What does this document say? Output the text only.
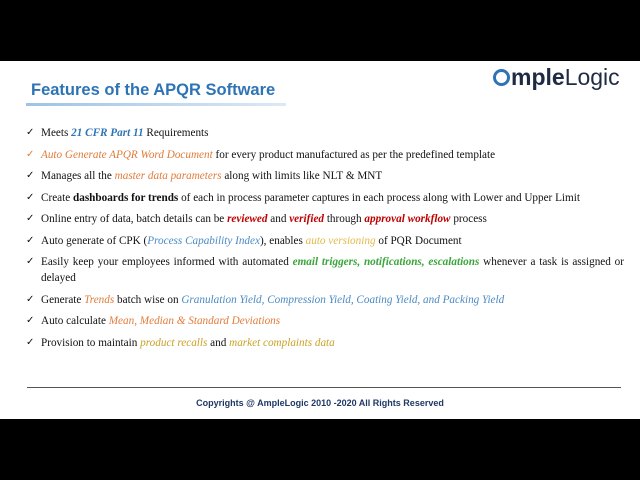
Features of the APQR Software	mpleLogic
✓ Meets 21 CFR Part 11 Requirements
✓ Auto Generate APQR Word Document for every product manufactured as per the predefined template
✓ Manages all the master data parameters along with limits like NLT & MNT
✓ Create dashboards for trends of each in process parameter captures in each process along with Lower and Upper Limit
✓ Online entry of data, batch details can be reviewed and verified through approval workflow process
✓ Auto generate of CPK (Process Capability Index), enables auto versioning of PQR Document
✓ Easily keep your employees informed with automated email triggers, notifications, escalations whenever a task is assigned or delayed
✓ Generate Trends batch wise on Granulation Yield, Compression Yield, Coating Yield, and Packing Yield
✓ Auto calculate Mean, Median & Standard Deviations
✓ Provision to maintain product recalls and market complaints data
Copyrights @ AmpleLogic 2010 -2020 All Rights Reserved
